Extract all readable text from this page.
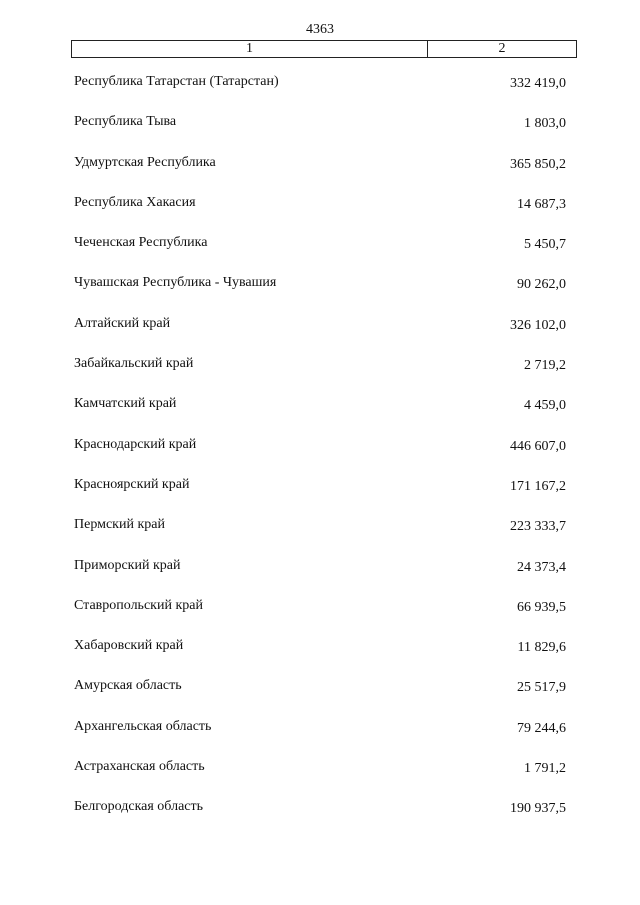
4363
1	2
Республика Татарстан (Татарстан)	332 419,0
Республика Тыва	1 803,0
Удмуртская Республика	365 850,2
Республика Хакасия	14 687,3
Чеченская Республика	5 450,7
Чувашская Республика - Чувашия	90 262,0
Алтайский край	326 102,0
Забайкальский край	2 719,2
Камчатский край	4 459,0
Краснодарский край	446 607,0
Красноярский край	171 167,2
Пермский край	223 333,7
Приморский край	24 373,4
Ставропольский край	66 939,5
Хабаровский край	11 829,6
Амурская область	25 517,9
Архангельская область	79 244,6
Астраханская область	1 791,2
Белгородская область	190 937,5
